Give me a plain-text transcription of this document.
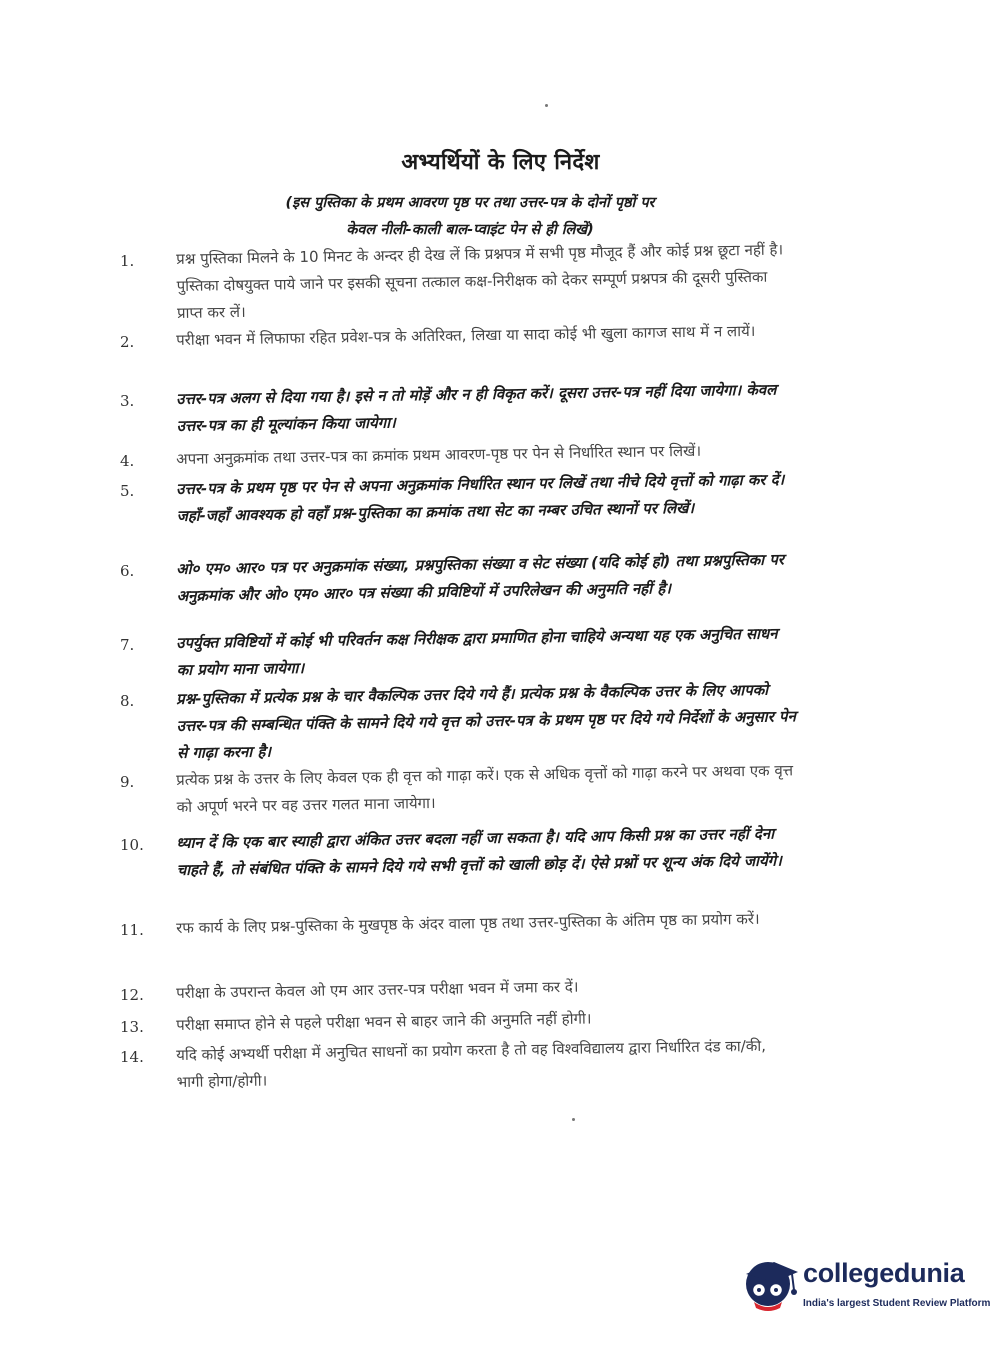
अभ्यर्थियों के लिए निर्देश
(इस पुस्तिका के प्रथम आवरण पृष्ठ पर तथा उत्तर-पत्र के दोनों पृष्ठों पर
केवल नीली-काली बाल-प्वाइंट पेन से ही लिखें)
1.	प्रश्न पुस्तिका मिलने के 10 मिनट के अन्दर ही देख लें कि प्रश्नपत्र में सभी पृष्ठ मौजूद हैं और कोई प्रश्न छूटा नहीं है। पुस्तिका दोषयुक्त पाये जाने पर इसकी सूचना तत्काल कक्ष-निरीक्षक को देकर सम्पूर्ण प्रश्नपत्र की दूसरी पुस्तिका प्राप्त कर लें।
2.	परीक्षा भवन में लिफाफा रहित प्रवेश-पत्र के अतिरिक्त, लिखा या सादा कोई भी खुला कागज साथ में न लायें।
3.	उत्तर-पत्र अलग से दिया गया है। इसे न तो मोड़ें और न ही विकृत करें। दूसरा उत्तर-पत्र नहीं दिया जायेगा। केवल उत्तर-पत्र का ही मूल्यांकन किया जायेगा।
4.	अपना अनुक्रमांक तथा उत्तर-पत्र का क्रमांक प्रथम आवरण-पृष्ठ पर पेन से निर्धारित स्थान पर लिखें।
5.	उत्तर-पत्र के प्रथम पृष्ठ पर पेन से अपना अनुक्रमांक निर्धारित स्थान पर लिखें तथा नीचे दिये वृत्तों को गाढ़ा कर दें। जहाँ-जहाँ आवश्यक हो वहाँ प्रश्न-पुस्तिका का क्रमांक तथा सेट का नम्बर उचित स्थानों पर लिखें।
6.	ओ० एम० आर० पत्र पर अनुक्रमांक संख्या, प्रश्नपुस्तिका संख्या व सेट संख्या (यदि कोई हो) तथा प्रश्नपुस्तिका पर अनुक्रमांक और ओ० एम० आर० पत्र संख्या की प्रविष्टियों में उपरिलेखन की अनुमति नहीं है।
7.	उपर्युक्त प्रविष्टियों में कोई भी परिवर्तन कक्ष निरीक्षक द्वारा प्रमाणित होना चाहिये अन्यथा यह एक अनुचित साधन का प्रयोग माना जायेगा।
8.	प्रश्न-पुस्तिका में प्रत्येक प्रश्न के चार वैकल्पिक उत्तर दिये गये हैं। प्रत्येक प्रश्न के वैकल्पिक उत्तर के लिए आपको उत्तर-पत्र की सम्बन्धित पंक्ति के सामने दिये गये वृत्त को उत्तर-पत्र के प्रथम पृष्ठ पर दिये गये निर्देशों के अनुसार पेन से गाढ़ा करना है।
9.	प्रत्येक प्रश्न के उत्तर के लिए केवल एक ही वृत्त को गाढ़ा करें। एक से अधिक वृत्तों को गाढ़ा करने पर अथवा एक वृत्त को अपूर्ण भरने पर वह उत्तर गलत माना जायेगा।
10. ध्यान दें कि एक बार स्याही द्वारा अंकित उत्तर बदला नहीं जा सकता है। यदि आप किसी प्रश्न का उत्तर नहीं देना चाहते हैं, तो संबंधित पंक्ति के सामने दिये गये सभी वृत्तों को खाली छोड़ दें। ऐसे प्रश्नों पर शून्य अंक दिये जायेंगे।
11. रफ कार्य के लिए प्रश्न-पुस्तिका के मुखपृष्ठ के अंदर वाला पृष्ठ तथा उत्तर-पुस्तिका के अंतिम पृष्ठ का प्रयोग करें।
12. परीक्षा के उपरान्त केवल ओ एम आर उत्तर-पत्र परीक्षा भवन में जमा कर दें।
13. परीक्षा समाप्त होने से पहले परीक्षा भवन से बाहर जाने की अनुमति नहीं होगी।
14. यदि कोई अभ्यर्थी परीक्षा में अनुचित साधनों का प्रयोग करता है तो वह विश्वविद्यालय द्वारा निर्धारित दंड का/की, भागी होगा/होगी।
collegedunia
India's largest Student Review Platform
